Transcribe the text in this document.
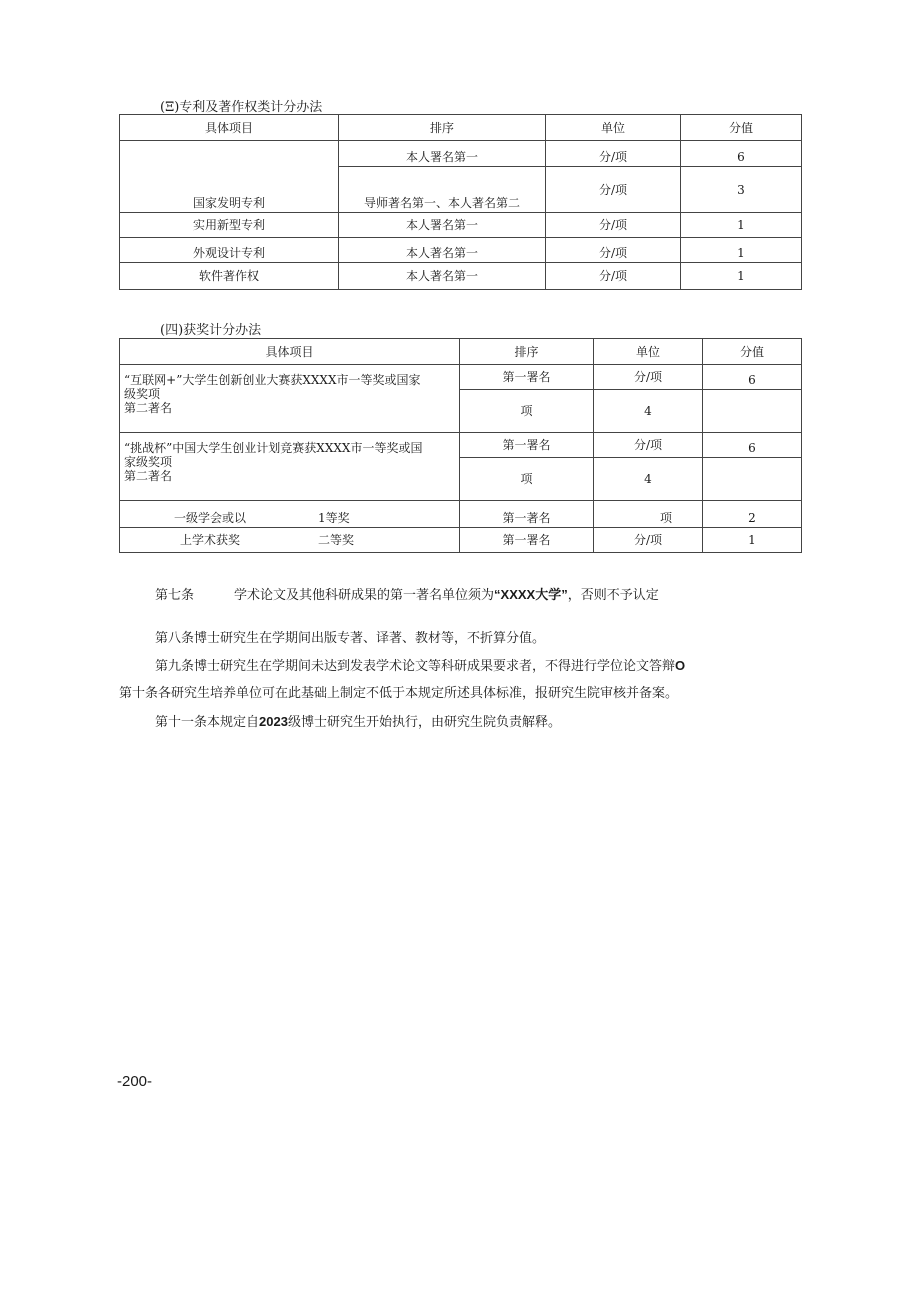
(Ξ)专利及著作权类计分办法
具体项目	排序	单位	分值
国家发明专利	本人署名第一	分/项	6
	导师著名第一、本人著名第二	分/项	3
实用新型专利	本人署名第一	分/项	1
外观设计专利	本人著名第一	分/项	1
软件著作权	本人著名第一	分/项	1
(四)获奖计分办法
具体项目	排序	单位	分值

“互联网+”大学生创新创业大赛获XXXX市一等奖或国家
级奖项
第二著名	第一署名	分/项	6
	项	4	

“挑战杯”中国大学生创业计划竞赛获XXXX市一等奖或国
家级奖项
第二著名	第一署名	分/项	6
	项	4	
一级学会或以 1等奖	第一著名	项	2
上学术获奖 二等奖	第一署名	分/项	1
第七条	学术论文及其他科研成果的第一著名单位须为“XXXX大学”，否则不予认定
第八条博士研究生在学期间出版专著、译著、教材等，不折算分值。
第九条博士研究生在学期间未达到发表学术论文等科研成果要求者，不得进行学位论文答辩O
第十条各研究生培养单位可在此基础上制定不低于本规定所述具体标准，报研究生院审核并备案。
第十一条本规定自2023级博士研究生开始执行，由研究生院负责解释。
-200-
